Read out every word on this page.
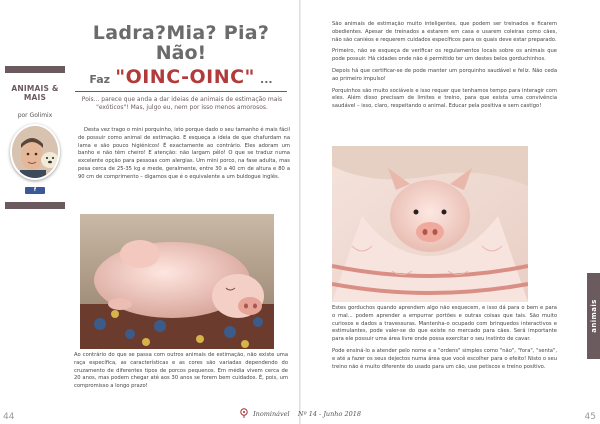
ANIMAIS & MAIS
por Golimix
f
Ladra?Mia? Pia?
Não!
Faz "OINC-OINC" ...
Pois... parece que anda a dar ideias de animais de estimação mais "exóticos"! Mas, julgo eu, nem por isso menos amorosos.
Desta vez trago o mini porquinho, isto porque dado o seu tamanho é mais fácil de possuir como animal de estimação. E esqueça a ideia de que chafurdam na lama e são pouco higiénicos! É exactamente ao contrário. Eles adoram um banho e não têm cheiro! E atenção: não largam pêlo! O que se traduz numa excelente opção para pessoas com alergias. Um mini porco, na fase adulta, mas pesa cerca de 25-35 kg e mede, geralmente, entre 30 a 40 cm de altura e 80 a 90 cm de comprimento – digamos que é o equivalente a um buldogue inglês.
Ao contrário do que se passa com outros animais de estimação, não existe uma raça específica, as características e as cores são variadas dependendo do cruzamento de diferentes tipos de porcos pequenos. Em média vivem cerca de 20 anos, mas podem chegar até aos 30 anos se forem bem cuidados. É, pois, um compromisso a longo prazo!
44

São animais de estimação muito inteligentes, que podem ser treinados e ficarem obedientes. Apesar de treinados a estarem em casa e usarem coleiras como cães, não são caniéos e requerem cuidados específicos para os quais deve estar preparado.

Primeiro, não se esqueça de verificar os regulamentos locais sobre os animais que pode possuir. Há cidades onde não é permitido ter um destes belos gorduchinhos.

Depois há que certificar-se de pode manter um porquinho saudável e feliz. Não ceda ao primeiro impulso!

Porquinhos são muito sociáveis e isso requer que tenhamos tempo para interagir com eles. Além disso precisam de limites e treino, para que exista uma convivência saudável – isso, claro, respeitando o animal. Educar pela positiva e sem castigo!

Estes gorduchos quando aprendem algo não esquecem, e isso dá para o bem e para o mal... podem aprender a empurrar portões e outras coisas que tais. São muito curiosos e dados a travessuras. Mantenha-o ocupado com brinquedos interactivos e estimulantes, pode valer-se do que existe no mercado para cães. Será importante para ele possuir uma área livre onde possa exercitar o seu instinto de cavar.

Pode ensiná-lo a atender pelo nome e a "ordens" simples como "não", "fora", "senta", e até a fazer os seus dejectos numa área que você escolher para o efeito! Nisto o seu treino não é muito diferente do usado para um cão, use petiscos e treino positivo.

animais
Inominável Nº 14 - Junho 2018	45
